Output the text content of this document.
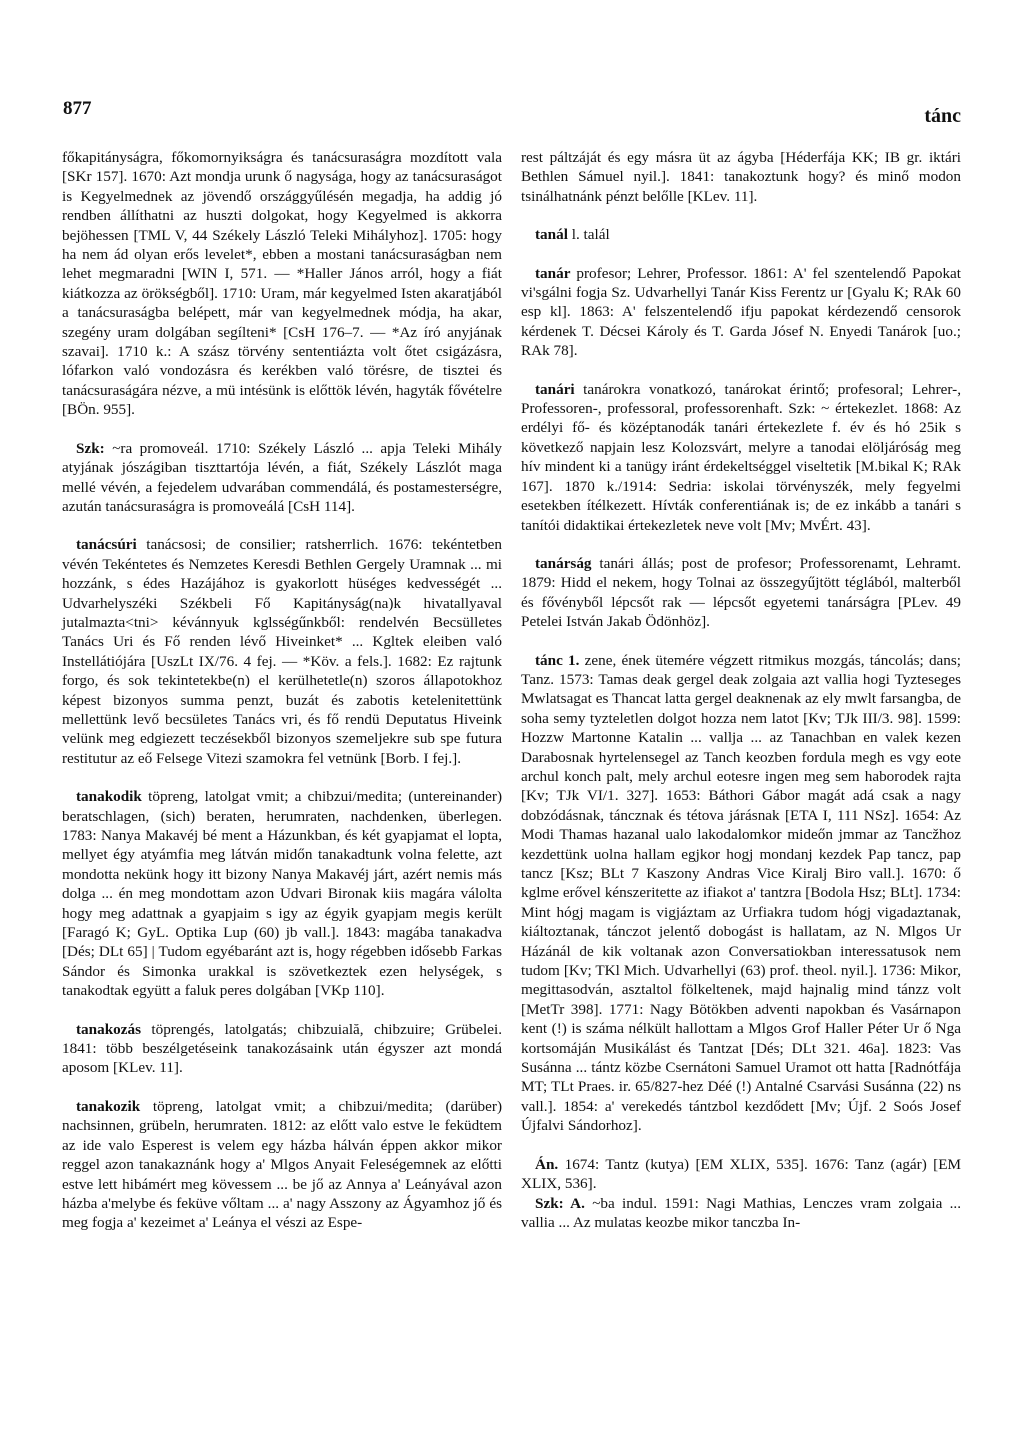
877	tánc

főkapitányságra, főkomornyikságra és tanácsuraságra mozdított vala [SKr 157]. 1670: Azt mondja urunk ő nagysága, hogy az tanácsuraságot is Kegyelmednek az jövendő országgyűlésén megadja, ha addig jó rendben állíthatni az huszti dolgokat, hogy Kegyelmed is akkorra bejöhessen [TML V, 44 Székely László Teleki Mihályhoz]. 1705: hogy ha nem ád olyan erős levelet*, ebben a mostani tanácsuraságban nem lehet megmaradni [WIN I, 571. — *Haller János arról, hogy a fiát kiátkozza az örökségből]. 1710: Uram, már kegyelmed Isten akaratjából a tanácsuraságba belépett, már van kegyelmednek módja, ha akar, szegény uram dolgában segílteni* [CsH 176–7. — *Az író anyjának szavai]. 1710 k.: A szász törvény sententiázta volt őtet csigázásra, lófarkon való vondozásra és kerékben való törésre, de tisztei és tanácsuraságára nézve, a mü intésünk is előttök lévén, hagyták fővételre [BÖn. 955].

Szk: ~ra promoveál. 1710: Székely László ... apja Teleki Mihály atyjának jószágiban tiszttartója lévén, a fiát, Székely Lászlót maga mellé vévén, a fejedelem udvarában commendálá, és postamesterségre, azután tanácsuraságra is promoveálá [CsH 114].

tanácsúri tanácsosi; de consilier; ratsherrlich. 1676: tekéntetben vévén Tekéntetes és Nemzetes Keresdi Bethlen Gergely Uramnak ... mi hozzánk, s édes Hazájához is gyakorlott hüséges kedvességét ... Udvarhelyszéki Székbeli Fő Kapitányság(na)k hivatallyaval jutalmazta<tni> kévánnyuk kglsségűnkből: rendelvén Becsülletes Tanács Uri és Fő renden lévő Hiveinket* ... Kgltek eleiben való Instellátiójára [UszLt IX/76. 4 fej. — *Köv. a fels.]. 1682: Ez rajtunk forgo, és sok tekintetekbe(n) el kerülhetetle(n) szoros állapotokhoz képest bizonyos summa penzt, buzát és zabotis ketelenitettünk mellettünk levő becsületes Tanács vri, és fő rendü Deputatus Hiveink velünk meg edgiezett teczésekből bizonyos szemeljekre sub spe futura restitutur az eő Felsege Vitezi szamokra fel vetnünk [Borb. I fej.].

tanakodik töpreng, latolgat vmit; a chibzui/medita; (untereinander) beratschlagen, (sich) beraten, herumraten, nachdenken, überlegen. 1783: Nanya Makavéj bé ment a Házunkban, és két gyapjamat el lopta, mellyet égy atyámfia meg látván midőn tanakadtunk volna felette, azt mondotta nekünk hogy itt bizony Nanya Makavéj járt, azért nemis más dolga ... én meg mondottam azon Udvari Bironak kiis magára válolta hogy meg adattnak a gyapjaim s igy az égyik gyapjam megis került [Faragó K; GyL. Optika Lup (60) jb vall.]. 1843: magába tanakadva [Dés; DLt 65] | Tudom egyébaránt azt is, hogy régebben idősebb Farkas Sándor és Simonka urakkal is szövetkeztek ezen helységek, s tanakodtak együtt a faluk peres dolgában [VKp 110].

tanakozás töprengés, latolgatás; chibzuială, chibzuire; Grübelei. 1841: több beszélgetéseink tanakozásaink után égyszer azt mondá aposom [KLev. 11].

tanakozik töpreng, latolgat vmit; a chibzui/medita; (darüber) nachsinnen, grübeln, herumraten. 1812: az előtt valo estve le feküdtem az ide valo Esperest is velem egy házba hálván éppen akkor mikor reggel azon tanakaznánk hogy a' Mlgos Anyait Feleségemnek az előtti estve lett hibámért meg kövessem ... be jő az Annya a' Leányával azon házba a'melybe és feküve vőltam ... a' nagy Asszony az Ágyamhoz jő és meg fogja a' kezeimet a' Leánya el vészi az Espe-

rest páltzáját és egy másra üt az ágyba [Héderfája KK; IB gr. iktári Bethlen Sámuel nyil.]. 1841: tanakoztunk hogy? és minő modon tsinálhatnánk pénzt belőlle [KLev. 11].

tanál l. talál

tanár profesor; Lehrer, Professor. 1861: A' fel szentelendő Papokat vi'sgálni fogja Sz. Udvarhellyi Tanár Kiss Ferentz ur [Gyalu K; RAk 60 esp kl]. 1863: A' felszentelendő ifju papokat kérdezendő censorok kérdenek T. Décsei Károly és T. Garda Jósef N. Enyedi Tanárok [uo.; RAk 78].

tanári tanárokra vonatkozó, tanárokat érintő; profesoral; Lehrer-, Professoren-, professoral, professorenhaft. Szk: ~ értekezlet. 1868: Az erdélyi fő- és középtanodák tanári értekezlete f. év és hó 25ik s következő napjain lesz Kolozsvárt, melyre a tanodai elöljáróság meg hív mindent ki a tanügy iránt érdekeltséggel viseltetik [M.bikal K; RAk 167]. 1870 k./1914: Sedria: iskolai törvényszék, mely fegyelmi esetekben ítélkezett. Hívták conferentiának is; de ez inkább a tanári s tanítói didaktikai értekezletek neve volt [Mv; MvÉrt. 43].

tanárság tanári állás; post de profesor; Professorenamt, Lehramt. 1879: Hidd el nekem, hogy Tolnai az összegyűjtött téglából, malterből és fővényből lépcsőt rak — lépcsőt egyetemi tanárságra [PLev. 49 Petelei István Jakab Ödönhöz].

tánc 1. zene, ének ütemére végzett ritmikus mozgás, táncolás; dans; Tanz. 1573: Tamas deak gergel deak zolgaia azt vallia hogi Tyzteseges Mwlatsagat es Thancat latta gergel deaknenak az ely mwlt farsangba, de soha semy tyzteletlen dolgot hozza nem latot [Kv; TJk III/3. 98]. 1599: Hozzw Martonne Katalin ... vallja ... az Tanachban en valek kezen Darabosnak hyrtelensegel az Tanch keozben fordula megh es vgy eote archul konch palt, mely archul eotesre ingen meg sem haborodek rajta [Kv; TJk VI/1. 327]. 1653: Báthori Gábor magát adá csak a nagy dobzódásnak, táncznak és tétova járásnak [ETA I, 111 NSz]. 1654: Az Modi Thamas hazanal ualo lakodalomkor mideőn jmmar az Tancžhoz kezdettünk uolna hallam egjkor hogj mondanj kezdek Pap tancz, pap tancz [Ksz; BLt 7 Kaszony Andras Vice Kiralj Biro vall.]. 1670: ő kglme erővel kénszeritette az ifiakot a' tantzra [Bodola Hsz; BLt]. 1734: Mint hógj magam is vigjáztam az Urfiakra tudom hógj vigadaztanak, kiáltoztanak, tánczot jelentő dobogást is hallatam, az N. Mlgos Ur Házánál de kik voltanak azon Conversatiokban interessatusok nem tudom [Kv; TKl Mich. Udvarhellyi (63) prof. theol. nyil.]. 1736: Mikor, megittasodván, asztaltol fölkeltenek, majd hajnalig mind tánzz volt [MetTr 398]. 1771: Nagy Bötökben adventi napokban és Vasárnapon kent (!) is száma nélkült hallottam a Mlgos Grof Haller Péter Ur ő Nga kortsomáján Musikálást és Tantzat [Dés; DLt 321. 46a]. 1823: Vas Susánna ... tántz közbe Csernátoni Samuel Uramot ott hatta [Radnótfája MT; TLt Praes. ir. 65/827-hez Déé (!) Antalné Csarvási Susánna (22) ns vall.]. 1854: a' verekedés tántzbol kezdődett [Mv; Újf. 2 Soós Josef Újfalvi Sándorhoz].

Án. 1674: Tantz (kutya) [EM XLIX, 535]. 1676: Tanz (agár) [EM XLIX, 536].

Szk: A. ~ba indul. 1591: Nagi Mathias, Lenczes vram zolgaia ... vallia ... Az mulatas keozbe mikor tanczba In-
